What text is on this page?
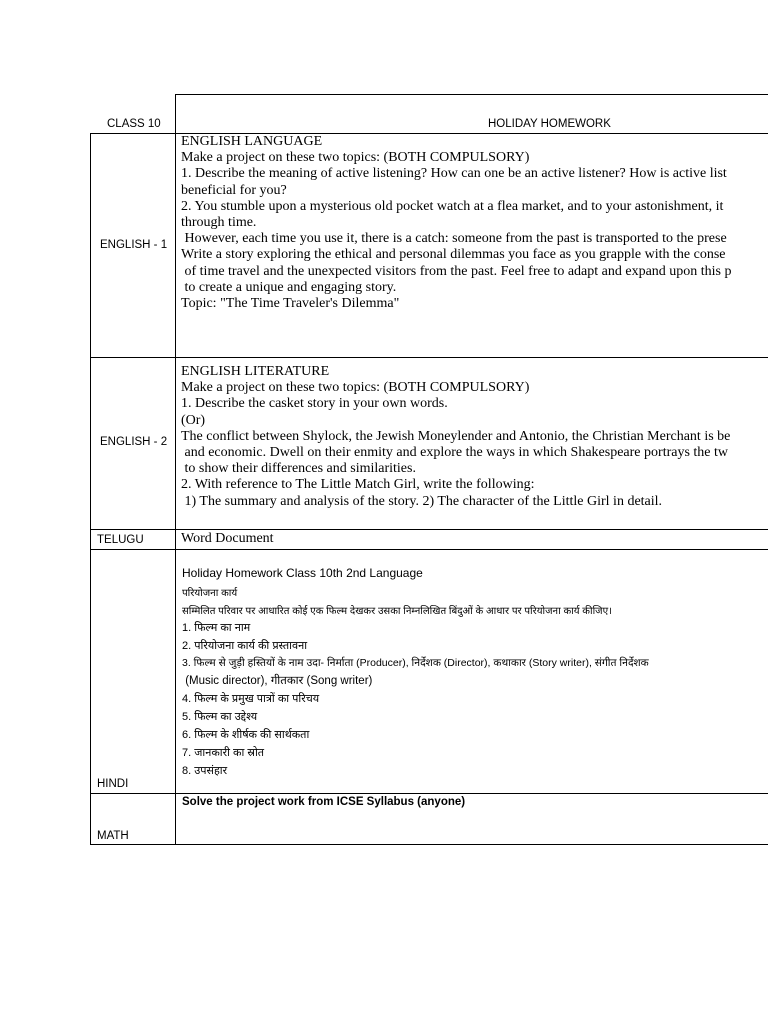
CLASS 10	HOLIDAY HOMEWORK
ENGLISH - 1
ENGLISH LANGUAGE
Make a project on these two topics: (BOTH COMPULSORY)
1. Describe the meaning of active listening? How can one be an active listener? How is active list
beneficial for you?
2. You stumble upon a mysterious old pocket watch at a flea market, and to your astonishment, it
through time.
However, each time you use it, there is a catch: someone from the past is transported to the prese
Write a story exploring the ethical and personal dilemmas you face as you grapple with the conse
of time travel and the unexpected visitors from the past. Feel free to adapt and expand upon this p
to create a unique and engaging story.
Topic: "The Time Traveler's Dilemma"
ENGLISH - 2
ENGLISH LITERATURE
Make a project on these two topics: (BOTH COMPULSORY)
1. Describe the casket story in your own words.
(Or)
The conflict between Shylock, the Jewish Moneylender and Antonio, the Christian Merchant is be
and economic. Dwell on their enmity and explore the ways in which Shakespeare portrays the tw
to show their differences and similarities.
2. With reference to The Little Match Girl, write the following:
1) The summary and analysis of the story. 2) The character of the Little Girl in detail.
TELUGU	Word Document
HINDI
Holiday Homework Class 10th 2nd Language
परियोजना कार्य
सम्मिलित परिवार पर आधारित कोई एक फिल्म देखकर उसका निम्नलिखित बिंदुओं के आधार पर परियोजना कार्य कीजिए।
1. फिल्म का नाम
2. परियोजना कार्य की प्रस्तावना
3. फिल्म से जुड़ी हस्तियों के नाम उदा- निर्माता (Producer), निर्देशक (Director), कथाकार (Story writer), संगीत निर्देशक
(Music director), गीतकार (Song writer)
4. फिल्म के प्रमुख पात्रों का परिचय
5. फिल्म का उद्देश्य
6. फिल्म के शीर्षक की सार्थकता
7. जानकारी का स्रोत
8. उपसंहार
MATH
Solve the project work from ICSE Syllabus (anyone)
